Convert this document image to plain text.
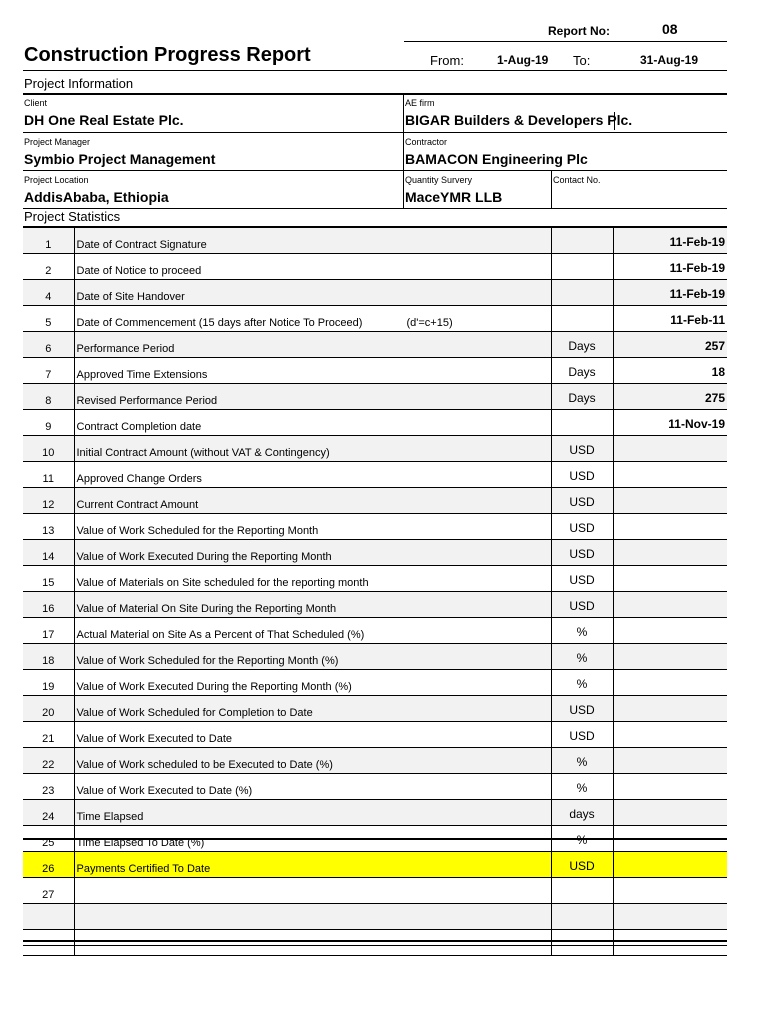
Report No:	08
Construction Progress Report	From:	1-Aug-19 To:	31-Aug-19
Project Information
Client
DH One Real Estate Plc.
AE firm
BIGAR Builders & Developers Plc.
Project Manager
Symbio Project Management
Contractor
BAMACON Engineering Plc
Project Location
AddisAbaba, Ethiopia
Quantity Survery
MaceYMR LLB
Contact No.
Project Statistics
1	Date of Contract Signature		11-Feb-19
2	Date of Notice to proceed		11-Feb-19
4	Date of Site Handover		11-Feb-19
5	Date of Commencement (15 days after Notice To Proceed) (d'=c+15)		11-Feb-11
6	Performance Period	Days	257
7	Approved Time Extensions	Days	18
8	Revised Performance Period	Days	275
9	Contract Completion date		11-Nov-19
10	Initial Contract Amount (without VAT & Contingency)	USD	
11	Approved Change Orders	USD	
12	Current Contract Amount	USD	
13	Value of Work Scheduled for the Reporting Month	USD	
14	Value of Work Executed During the Reporting Month	USD	
15	Value of Materials on Site scheduled for the reporting month	USD	
16	Value of Material On Site During the Reporting Month	USD	
17	Actual Material on Site As a Percent of That Scheduled (%)	%	
18	Value of Work Scheduled for the Reporting Month (%)	%	
19	Value of Work Executed During the Reporting Month (%)	%	
20	Value of Work Scheduled for Completion to Date	USD	
21	Value of Work Executed to Date	USD	
22	Value of Work scheduled to be Executed to Date (%)	%	
23	Value of Work Executed to Date (%)	%	
24	Time Elapsed	days	
25	Time Elapsed To Date (%)	%	
26	Payments Certified To Date	USD	
27	
